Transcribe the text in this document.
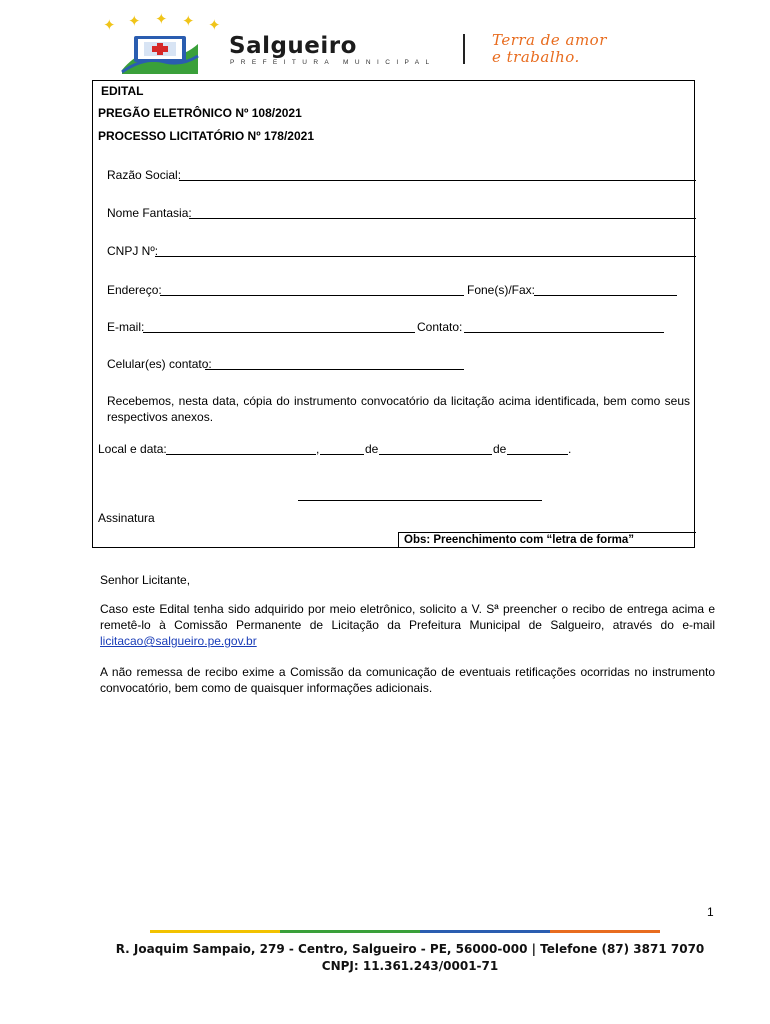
✦ ✦ ✦ ✦ ✦
Salgueiro
PREFEITURA MUNICIPAL
Terra de amor
e trabalho.
EDITAL
PREGÃO ELETRÔNICO Nº 108/2021
PROCESSO LICITATÓRIO Nº 178/2021
Razão Social:
Nome Fantasia:
CNPJ Nº:
Endereço:	Fone(s)/Fax:
E-mail:	Contato:
Celular(es) contato:
Recebemos, nesta data, cópia do instrumento convocatório da licitação acima identificada, bem como seus respectivos anexos.
Local e data:	,	de	de	.
Assinatura
Obs: Preenchimento com “letra de forma”
Senhor Licitante,
Caso este Edital tenha sido adquirido por meio eletrônico, solicito a V. Sª preencher o recibo de entrega acima e remetê-lo à Comissão Permanente de Licitação da Prefeitura Municipal de Salgueiro, através do e-mail licitacao@salgueiro.pe.gov.br
A não remessa de recibo exime a Comissão da comunicação de eventuais retificações ocorridas no instrumento convocatório, bem como de quaisquer informações adicionais.
1
R. Joaquim Sampaio, 279 - Centro, Salgueiro - PE, 56000-000 | Telefone (87) 3871 7070
CNPJ: 11.361.243/0001-71
